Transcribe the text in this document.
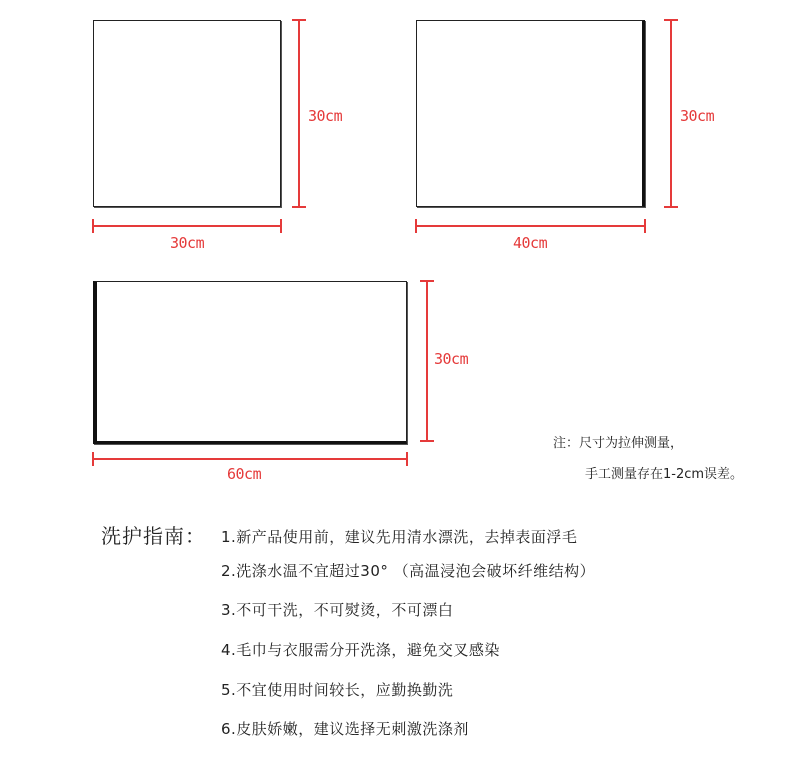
30cm
30cm
30cm
40cm
30cm
60cm
注：尺寸为拉伸测量，
手工测量存在1-2cm误差。
洗护指南： 1.新产品使用前，建议先用清水漂洗，去掉表面浮毛
2.洗涤水温不宜超过30° （高温浸泡会破坏纤维结构）
3.不可干洗，不可熨烫，不可漂白
4.毛巾与衣服需分开洗涤，避免交叉感染
5.不宜使用时间较长，应勤换勤洗
6.皮肤娇嫩，建议选择无刺激洗涤剂
